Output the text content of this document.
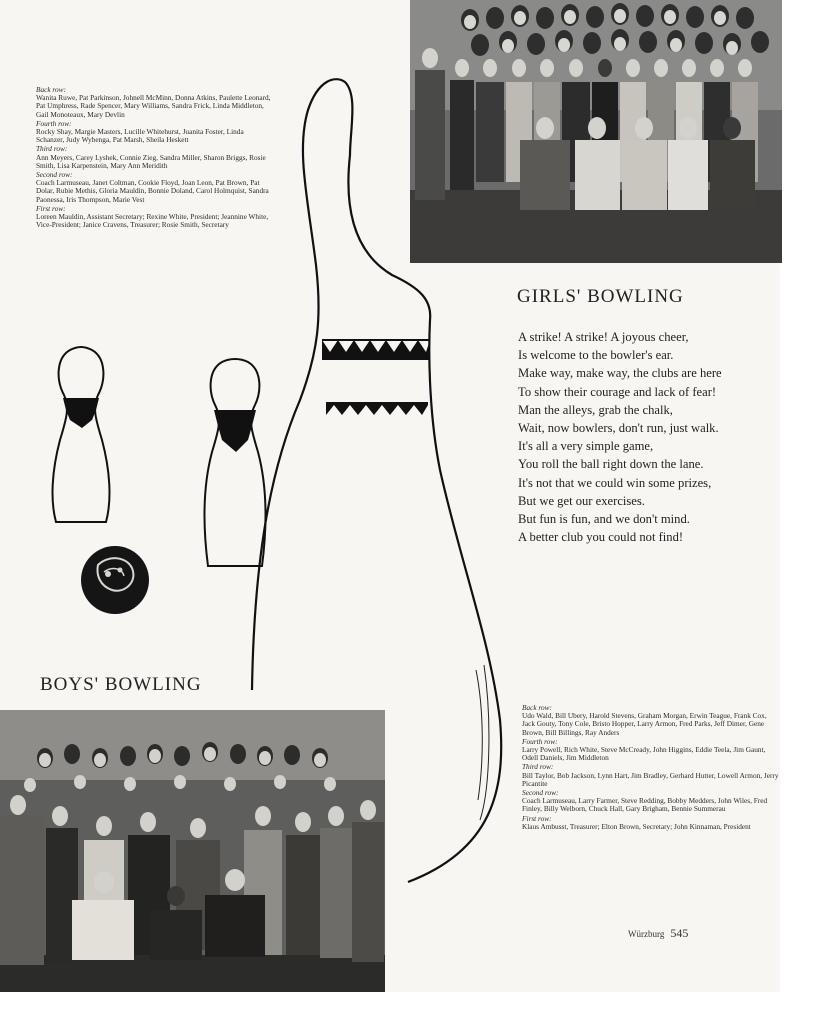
Back row:
Wanita Ruwe, Pat Parkinson, Johnell McMinn, Donna Atkins, Paulette Leonard, Pat Umphress, Rade Spencer, Mary Williams, Sandra Frick, Linda Middleton, Gail Monoteaux, Mary Devlin
Fourth row:
Rocky Shay, Margie Masters, Lucille Whitehurst, Juanita Foster, Linda Schanzer, Judy Wybenga, Pat Marsh, Sheila Heskett
Third row:
Ann Meyers, Carey Lyshek, Connie Zieg, Sandra Miller, Sharon Briggs, Rosie Smith, Lisa Karpenstein, Mary Ann Meridith
Second row:
Coach Larmuseau, Janet Coltman, Cookie Floyd, Joan Leon, Pat Brown, Pat Dolar, Rubie Methis, Gloria Mauldin, Bonnie Doland, Carol Holmquist, Sandra Paonessa, Iris Thompson, Marie Vest
First row:
Loreen Mauldin, Assistant Secretary; Rexine White, President; Jeannine White, Vice-President; Janice Cravens, Treasurer; Rosie Smith, Secretary
GIRLS' BOWLING
A strike! A strike! A joyous cheer,
Is welcome to the bowler's ear.
Make way, make way, the clubs are here
To show their courage and lack of fear!
Man the alleys, grab the chalk,
Wait, now bowlers, don't run, just walk.
It's all a very simple game,
You roll the ball right down the lane.
It's not that we could win some prizes,
But we get our exercises.
But fun is fun, and we don't mind.
A better club you could not find!
BOYS' BOWLING
Back row:
Udo Wald, Bill Ubery, Harold Stevens, Graham Morgan, Erwin Teague, Frank Cox, Jack Gouty, Tony Cole, Bristo Hopper, Larry Armon, Fred Parks, Jeff Dimer, Gene Brown, Bill Billings, Ray Anders
Fourth row:
Larry Powell, Rich White, Steve McCready, John Higgins, Eddie Teela, Jim Gaunt, Odell Daniels, Jim Middleton
Third row:
Bill Taylor, Bob Jackson, Lynn Hart, Jim Bradley, Gerhard Hutter, Lowell Armon, Jerry Picantite
Second row:
Coach Larmuseau, Larry Farmer, Steve Redding, Bobby Medders, John Wiles, Fred Finley, Billy Welborn, Chuck Hall, Gary Brigham, Bennie Summerau
First row:
Klaus Ambusst, Treasurer; Elton Brown, Secretary; John Kinnaman, President
Würzburg 545
